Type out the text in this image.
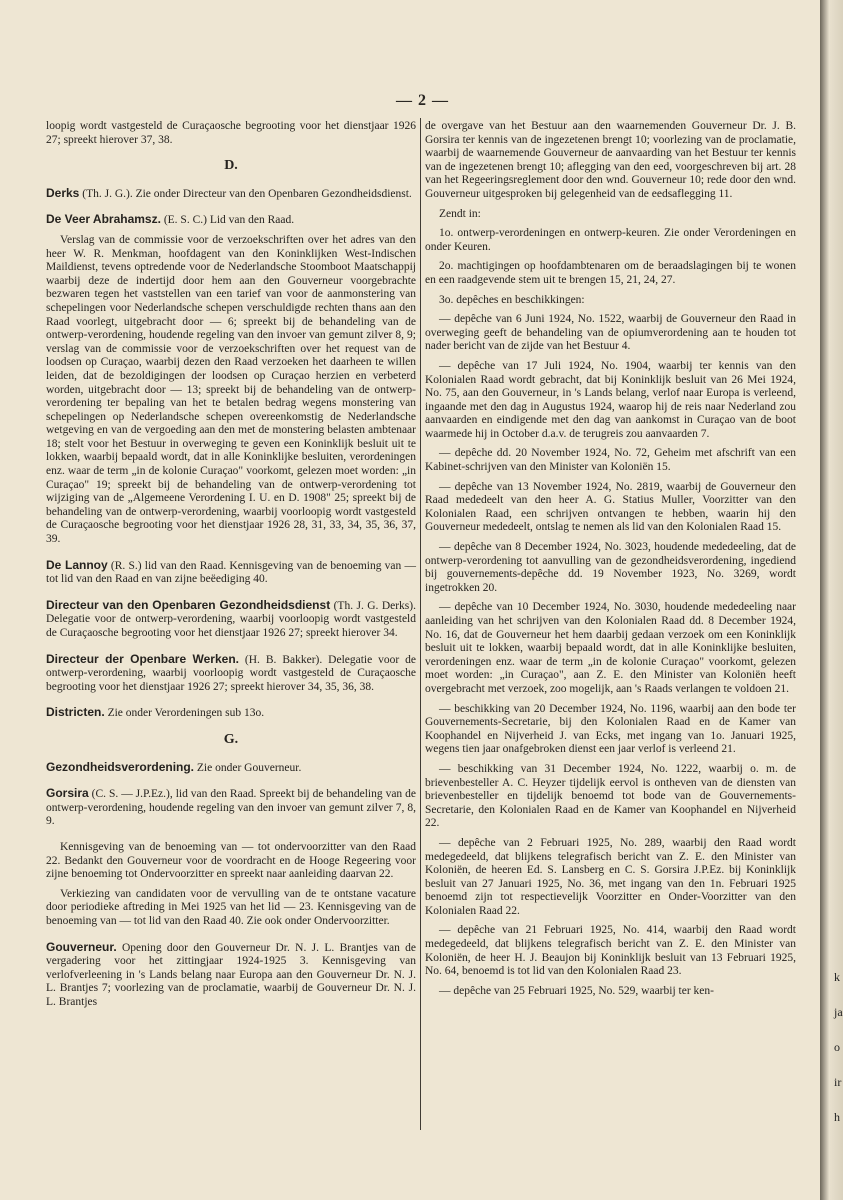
— 2 —

loopig wordt vastgesteld de Curaçaosche begrooting voor het dienstjaar 1926 27; spreekt hierover 37, 38.

D.

Derks (Th. J. G.). Zie onder Directeur van den Openbaren Gezondheidsdienst.

De Veer Abrahamsz. (E. S. C.) Lid van den Raad.

Verslag van de commissie voor de verzoekschriften over het adres van den heer W. R. Menkman, hoofdagent van den Koninklijken West-Indischen Maildienst, tevens optredende voor de Nederlandsche Stoomboot Maatschappij waarbij deze de indertijd door hem aan den Gouverneur voorgebrachte bezwaren tegen het vaststellen van een tarief van voor de aanmonstering van schepelingen voor Nederlandsche schepen verschuldigde rechten thans aan den Raad voorlegt, uitgebracht door — 6; spreekt bij de behandeling van de ontwerp-verordening, houdende regeling van den invoer van gemunt zilver 8, 9; verslag van de commissie voor de verzoekschriften over het request van de loodsen op Curaçao, waarbij dezen den Raad verzoeken het daarheen te willen leiden, dat de bezoldigingen der loodsen op Curaçao herzien en verbeterd worden, uitgebracht door — 13; spreekt bij de behandeling van de ontwerp-verordening ter bepaling van het te betalen bedrag wegens monstering van schepelingen op Nederlandsche schepen overeenkomstig de Nederlandsche wetgeving en van de vergoeding aan den met de monstering belasten ambtenaar 18; stelt voor het Bestuur in overweging te geven een Koninklijk besluit uit te lokken, waarbij bepaald wordt, dat in alle Koninklijke besluiten, verordeningen enz. waar de term „in de kolonie Curaçao" voorkomt, gelezen moet worden: „in Curaçao" 19; spreekt bij de behandeling van de ontwerp-verordening tot wijziging van de „Algemeene Verordening I. U. en D. 1908" 25; spreekt bij de behandeling van de ontwerp-verordening, waarbij voorloopig wordt vastgesteld de Curaçaosche begrooting voor het dienstjaar 1926 28, 31, 33, 34, 35, 36, 37, 39.

De Lannoy (R. S.) lid van den Raad. Kennisgeving van de benoeming van — tot lid van den Raad en van zijne beëediging 40.

Directeur van den Openbaren Gezondheidsdienst (Th. J. G. Derks). Delegatie voor de ontwerp-verordening, waarbij voorloopig wordt vastgesteld de Curaçaosche begrooting voor het dienstjaar 1926 27; spreekt hierover 34.

Directeur der Openbare Werken. (H. B. Bakker). Delegatie voor de ontwerp-verordening, waarbij voorloopig wordt vastgesteld de Curaçaosche begrooting voor het dienstjaar 1926 27; spreekt hierover 34, 35, 36, 38.

Districten. Zie onder Verordeningen sub 13o.

G.

Gezondheidsverordening. Zie onder Gouverneur.

Gorsira (C. S. — J.P.Ez.), lid van den Raad. Spreekt bij de behandeling van de ontwerp-verordening, houdende regeling van den invoer van gemunt zilver 7, 8, 9.

Kennisgeving van de benoeming van — tot ondervoorzitter van den Raad 22. Bedankt den Gouverneur voor de voordracht en de Hooge Regeering voor zijne benoeming tot Ondervoorzitter en spreekt naar aanleiding daarvan 22.

Verkiezing van candidaten voor de vervulling van de te ontstane vacature door periodieke aftreding in Mei 1925 van het lid — 23. Kennisgeving van de benoeming van — tot lid van den Raad 40. Zie ook onder Ondervoorzitter.

Gouverneur. Opening door den Gouverneur Dr. N. J. L. Brantjes van de vergadering voor het zittingjaar 1924-1925 3. Kennisgeving van verlofverleening in 's Lands belang naar Europa aan den Gouverneur Dr. N. J. L. Brantjes 7; voorlezing van de proclamatie, waarbij de Gouverneur Dr. N. J. L. Brantjes

de overgave van het Bestuur aan den waarnemenden Gouverneur Dr. J. B. Gorsira ter kennis van de ingezetenen brengt 10; voorlezing van de proclamatie, waarbij de waarnemende Gouverneur de aanvaarding van het Bestuur ter kennis van de ingezetenen brengt 10; aflegging van den eed, voorgeschreven bij art. 28 van het Regeeringsreglement door den wnd. Gouverneur 10; rede door den wnd. Gouverneur uitgesproken bij gelegenheid van de eedsaflegging 11.

Zendt in:

1o. ontwerp-verordeningen en ontwerp-keuren. Zie onder Verordeningen en onder Keuren.

2o. machtigingen op hoofdambtenaren om de beraadslagingen bij te wonen en een raadgevende stem uit te brengen 15, 21, 24, 27.

3o. depêches en beschikkingen:

— depêche van 6 Juni 1924, No. 1522, waarbij de Gouverneur den Raad in overweging geeft de behandeling van de opiumverordening aan te houden tot nader bericht van de zijde van het Bestuur 4.

— depêche van 17 Juli 1924, No. 1904, waarbij ter kennis van den Kolonialen Raad wordt gebracht, dat bij Koninklijk besluit van 26 Mei 1924, No. 75, aan den Gouverneur, in 's Lands belang, verlof naar Europa is verleend, ingaande met den dag in Augustus 1924, waarop hij de reis naar Nederland zou aanvaarden en eindigende met den dag van aankomst in Curaçao van de boot waarmede hij in October d.a.v. de terugreis zou aanvaarden 7.

— depêche dd. 20 November 1924, No. 72, Geheim met afschrift van een Kabinet-schrijven van den Minister van Koloniën 15.

— depêche van 13 November 1924, No. 2819, waarbij de Gouverneur den Raad mededeelt van den heer A. G. Statius Muller, Voorzitter van den Kolonialen Raad, een schrijven ontvangen te hebben, waarin hij den Gouverneur mededeelt, ontslag te nemen als lid van den Kolonialen Raad 15.

— depêche van 8 December 1924, No. 3023, houdende mededeeling, dat de ontwerp-verordening tot aanvulling van de gezondheidsverordening, ingediend bij gouvernements-depêche dd. 19 November 1923, No. 3269, wordt ingetrokken 20.

— depêche van 10 December 1924, No. 3030, houdende mededeeling naar aanleiding van het schrijven van den Kolonialen Raad dd. 8 December 1924, No. 16, dat de Gouverneur het hem daarbij gedaan verzoek om een Koninklijk besluit uit te lokken, waarbij bepaald wordt, dat in alle Koninklijke besluiten, verordeningen enz. waar de term „in de kolonie Curaçao" voorkomt, gelezen moet worden: „in Curaçao", aan Z. E. den Minister van Koloniën heeft overgebracht met verzoek, zoo mogelijk, aan 's Raads verlangen te voldoen 21.

— beschikking van 20 December 1924, No. 1196, waarbij aan den bode ter Gouvernements-Secretarie, bij den Kolonialen Raad en de Kamer van Koophandel en Nijverheid J. van Ecks, met ingang van 1o. Januari 1925, wegens tien jaar onafgebroken dienst een jaar verlof is verleend 21.

— beschikking van 31 December 1924, No. 1222, waarbij o. m. de brievenbesteller A. C. Heyzer tijdelijk eervol is ontheven van de diensten van brievenbesteller en tijdelijk benoemd tot bode van de Gouvernements-Secretarie, den Kolonialen Raad en de Kamer van Koophandel en Nijverheid 22.

— depêche van 2 Februari 1925, No. 289, waarbij den Raad wordt medegedeeld, dat blijkens telegrafisch bericht van Z. E. den Minister van Koloniën, de heeren Ed. S. Lansberg en C. S. Gorsira J.P.Ez. bij Koninklijk besluit van 27 Januari 1925, No. 36, met ingang van den 1n. Februari 1925 benoemd zijn tot respectievelijk Voorzitter en Onder-Voorzitter van den Kolonialen Raad 22.

— depêche van 21 Februari 1925, No. 414, waarbij den Raad wordt medegedeeld, dat blijkens telegrafisch bericht van Z. E. den Minister van Koloniën, de heer H. J. Beaujon bij Koninklijk besluit van 13 Februari 1925, No. 64, benoemd is tot lid van den Kolonialen Raad 23.

— depêche van 25 Februari 1925, No. 529, waarbij ter ken-

k
ja
o
ir
h
